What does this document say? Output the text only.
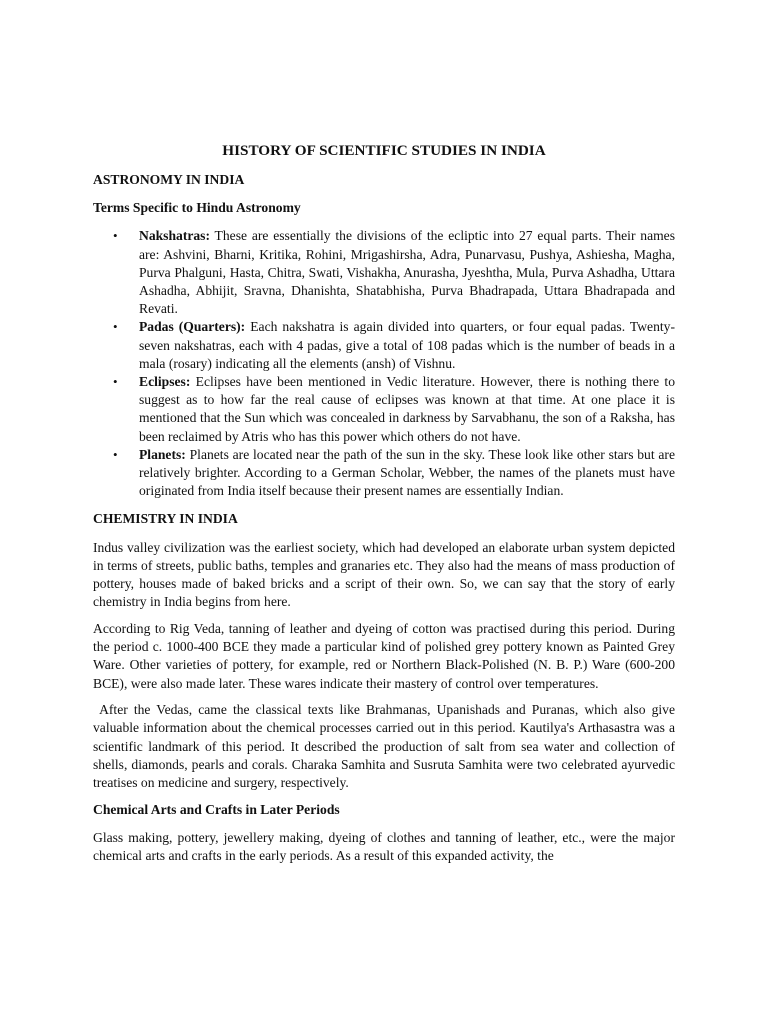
HISTORY OF SCIENTIFIC STUDIES IN INDIA
ASTRONOMY IN INDIA
Terms Specific to Hindu Astronomy
• Nakshatras: These are essentially the divisions of the ecliptic into 27 equal parts. Their names are: Ashvini, Bharni, Kritika, Rohini, Mrigashirsha, Adra, Punarvasu, Pushya, Ashiesha, Magha, Purva Phalguni, Hasta, Chitra, Swati, Vishakha, Anurasha, Jyeshtha, Mula, Purva Ashadha, Uttara Ashadha, Abhijit, Sravna, Dhanishta, Shatabhisha, Purva Bhadrapada, Uttara Bhadrapada and Revati.
• Padas (Quarters): Each nakshatra is again divided into quarters, or four equal padas. Twenty-seven nakshatras, each with 4 padas, give a total of 108 padas which is the number of beads in a mala (rosary) indicating all the elements (ansh) of Vishnu.
• Eclipses: Eclipses have been mentioned in Vedic literature. However, there is nothing there to suggest as to how far the real cause of eclipses was known at that time. At one place it is mentioned that the Sun which was concealed in darkness by Sarvabhanu, the son of a Raksha, has been reclaimed by Atris who has this power which others do not have.
• Planets: Planets are located near the path of the sun in the sky. These look like other stars but are relatively brighter. According to a German Scholar, Webber, the names of the planets must have originated from India itself because their present names are essentially Indian.
CHEMISTRY IN INDIA

Indus valley civilization was the earliest society, which had developed an elaborate urban system depicted in terms of streets, public baths, temples and granaries etc. They also had the means of mass production of pottery, houses made of baked bricks and a script of their own. So, we can say that the story of early chemistry in India begins from here.

According to Rig Veda, tanning of leather and dyeing of cotton was practised during this period. During the period c. 1000-400 BCE they made a particular kind of polished grey pottery known as Painted Grey Ware. Other varieties of pottery, for example, red or Northern Black-Polished (N. B. P.) Ware (600-200 BCE), were also made later. These wares indicate their mastery of control over temperatures.

After the Vedas, came the classical texts like Brahmanas, Upanishads and Puranas, which also give valuable information about the chemical processes carried out in this period. Kautilya's Arthasastra was a scientific landmark of this period. It described the production of salt from sea water and collection of shells, diamonds, pearls and corals. Charaka Samhita and Susruta Samhita were two celebrated ayurvedic treatises on medicine and surgery, respectively.

Chemical Arts and Crafts in Later Periods

Glass making, pottery, jewellery making, dyeing of clothes and tanning of leather, etc., were the major chemical arts and crafts in the early periods. As a result of this expanded activity, the
